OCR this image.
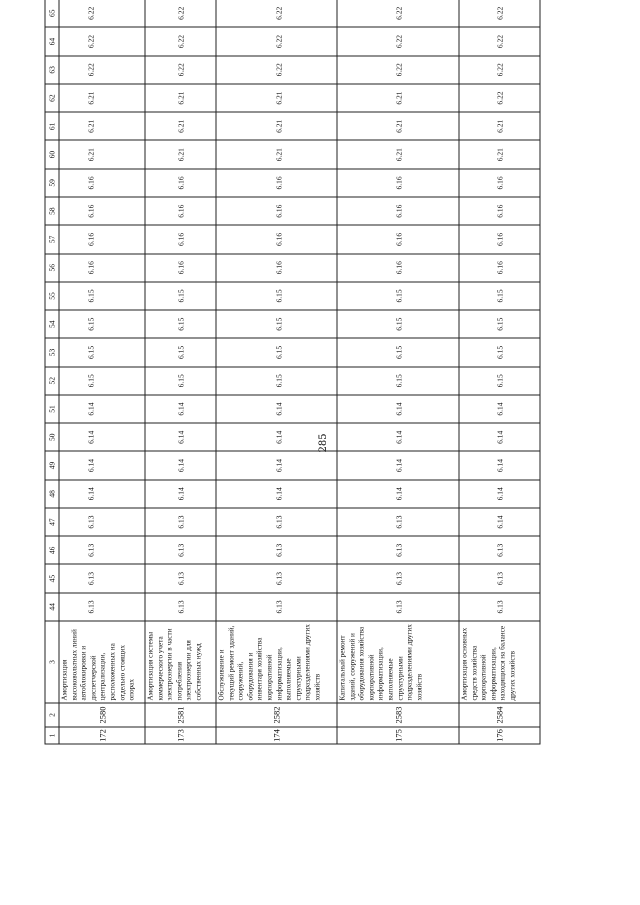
285
1	2	3	44	45	46	47	48	49	50	51	52	53	54	55	56	57	58	59	60	61	62	63	64	65
172	2580	Амортизация высоковольтных линий автоблокировки и диспетчерской централизации, расположенных на отдельно стоящих опорах	6.13	6.13	6.13	6.13	6.14	6.14	6.14	6.14	6.15	6.15	6.15	6.15	6.16	6.16	6.16	6.16	6.21	6.21	6.21	6.22	6.22	6.22

173	2581	Амортизация системы коммерческого учета электроэнергии в части потребления электроэнергии для собственных нужд	6.13	6.13	6.13	6.13	6.14	6.14	6.14	6.14	6.15	6.15	6.15	6.15	6.16	6.16	6.16	6.16	6.21	6.21	6.21	6.22	6.22	6.22

174	2582	Обслуживание и текущий ремонт зданий, сооружений, оборудования и инвентаря хозяйства корпоративной информатизации, выполняемые структурными подразделениями других хозяйств	6.13	6.13	6.13	6.13	6.14	6.14	6.14	6.14	6.15	6.15	6.15	6.15	6.16	6.16	6.16	6.16	6.21	6.21	6.21	6.22	6.22	6.22

175	2583	Капитальный ремонт зданий, сооружений и оборудования хозяйства корпоративной информатизации, выполняемые структурными подразделениями других хозяйств	6.13	6.13	6.13	6.13	6.14	6.14	6.14	6.14	6.15	6.15	6.15	6.15	6.16	6.16	6.16	6.16	6.21	6.21	6.21	6.22	6.22	6.22

176	2584	Амортизация основных средств хозяйства корпоративной информатизации, находящихся на балансе других хозяйств	6.13	6.13	6.13	6.14	6.14	6.14	6.14	6.14	6.15	6.15	6.15	6.15	6.16	6.16	6.16	6.16	6.21	6.21	6.22	6.22	6.22	6.22
